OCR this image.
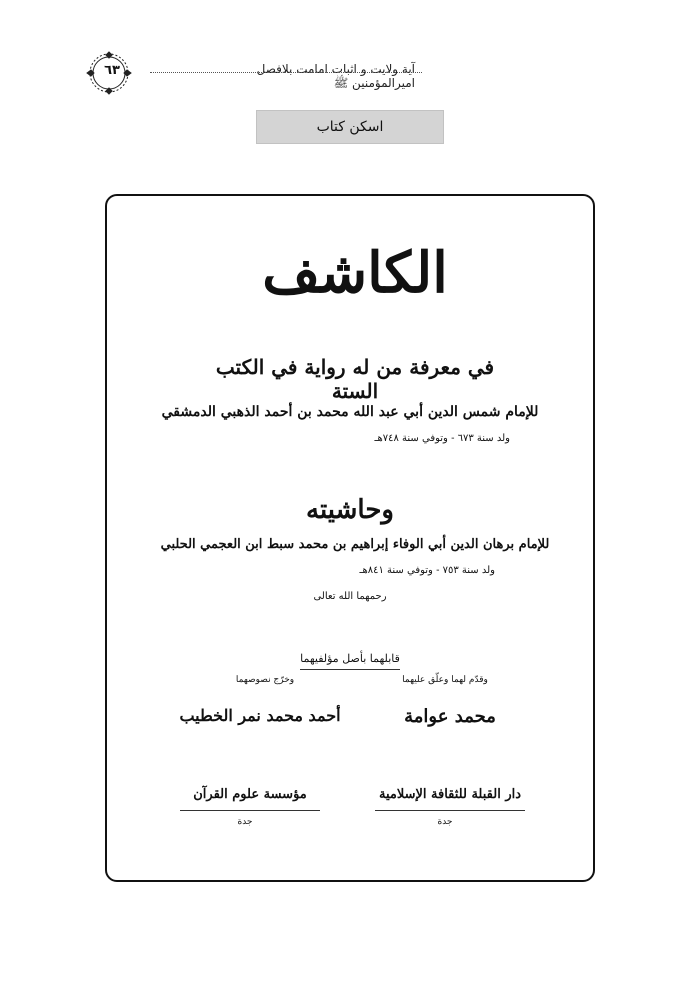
آیة ولایت و اثبات امامت بلافصل امیرالمؤمنین ﷺ
٦٣
اسکن کتاب
الكاشف
في معرفة من له رواية في الكتب الستة
للإمام شمس الدين أبي عبد الله محمد بن أحمد الذهبي الدمشقي
ولد سنة ٦٧٣ - وتوفي سنة ٧٤٨هـ
وحاشيته
للإمام برهان الدين أبي الوفاء إبراهيم بن محمد سبط ابن العجمي الحلبي
ولد سنة ٧٥٣ - وتوفي سنة ٨٤١هـ
رحمهما الله تعالى
قابلهما بأصل مؤلفيهما
وقدّم لهما وعلّق عليهما
وخرّج نصوصهما
محمد عوامة
أحمد محمد نمر الخطيب
دار القبلة للثقافة الإسلامية
مؤسسة علوم القرآن
جدة
جدة
